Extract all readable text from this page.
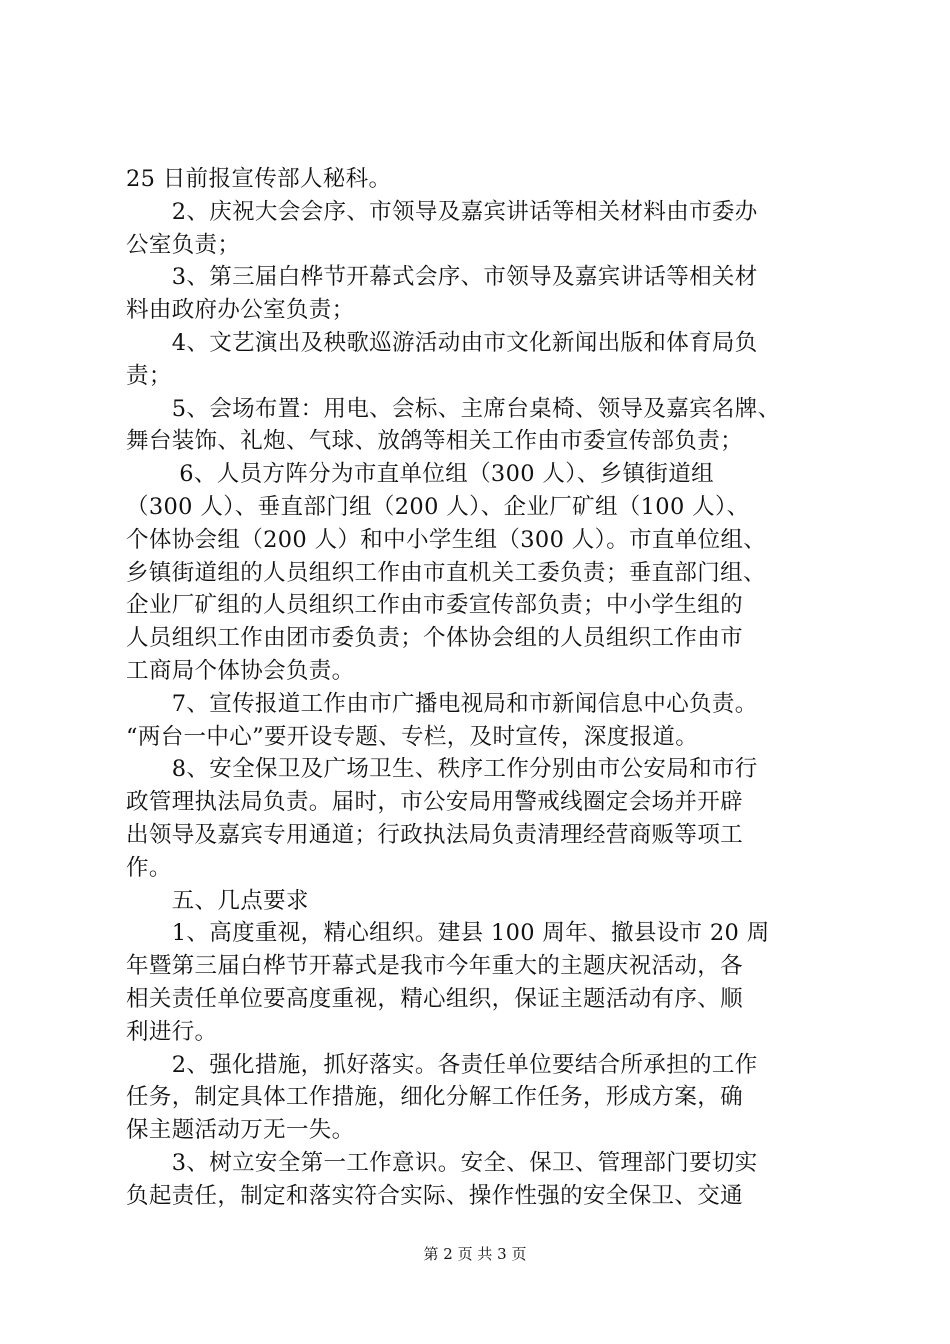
25 日前报宣传部人秘科。
　　2、庆祝大会会序、市领导及嘉宾讲话等相关材料由市委办
公室负责；
　　3、第三届白桦节开幕式会序、市领导及嘉宾讲话等相关材
料由政府办公室负责；
　　4、文艺演出及秧歌巡游活动由市文化新闻出版和体育局负
责；
　　5、会场布置：用电、会标、主席台桌椅、领导及嘉宾名牌、
舞台装饰、礼炮、气球、放鸽等相关工作由市委宣传部负责；
　　 6、人员方阵分为市直单位组（300 人）、乡镇街道组
（300 人）、垂直部门组（200 人）、企业厂矿组（100 人）、
个体协会组（200 人）和中小学生组（300 人）。市直单位组、
乡镇街道组的人员组织工作由市直机关工委负责；垂直部门组、
企业厂矿组的人员组织工作由市委宣传部负责；中小学生组的
人员组织工作由团市委负责；个体协会组的人员组织工作由市
工商局个体协会负责。
　　7、宣传报道工作由市广播电视局和市新闻信息中心负责。
“两台一中心”要开设专题、专栏，及时宣传，深度报道。
　　8、安全保卫及广场卫生、秩序工作分别由市公安局和市行
政管理执法局负责。届时，市公安局用警戒线圈定会场并开辟
出领导及嘉宾专用通道；行政执法局负责清理经营商贩等项工
作。
　　五、几点要求
　　1、高度重视，精心组织。建县 100 周年、撤县设市 20 周
年暨第三届白桦节开幕式是我市今年重大的主题庆祝活动，各
相关责任单位要高度重视，精心组织，保证主题活动有序、顺
利进行。
　　2、强化措施，抓好落实。各责任单位要结合所承担的工作
任务，制定具体工作措施，细化分解工作任务，形成方案，确
保主题活动万无一失。
　　3、树立安全第一工作意识。安全、保卫、管理部门要切实
负起责任，制定和落实符合实际、操作性强的安全保卫、交通
第 2 页 共 3 页
